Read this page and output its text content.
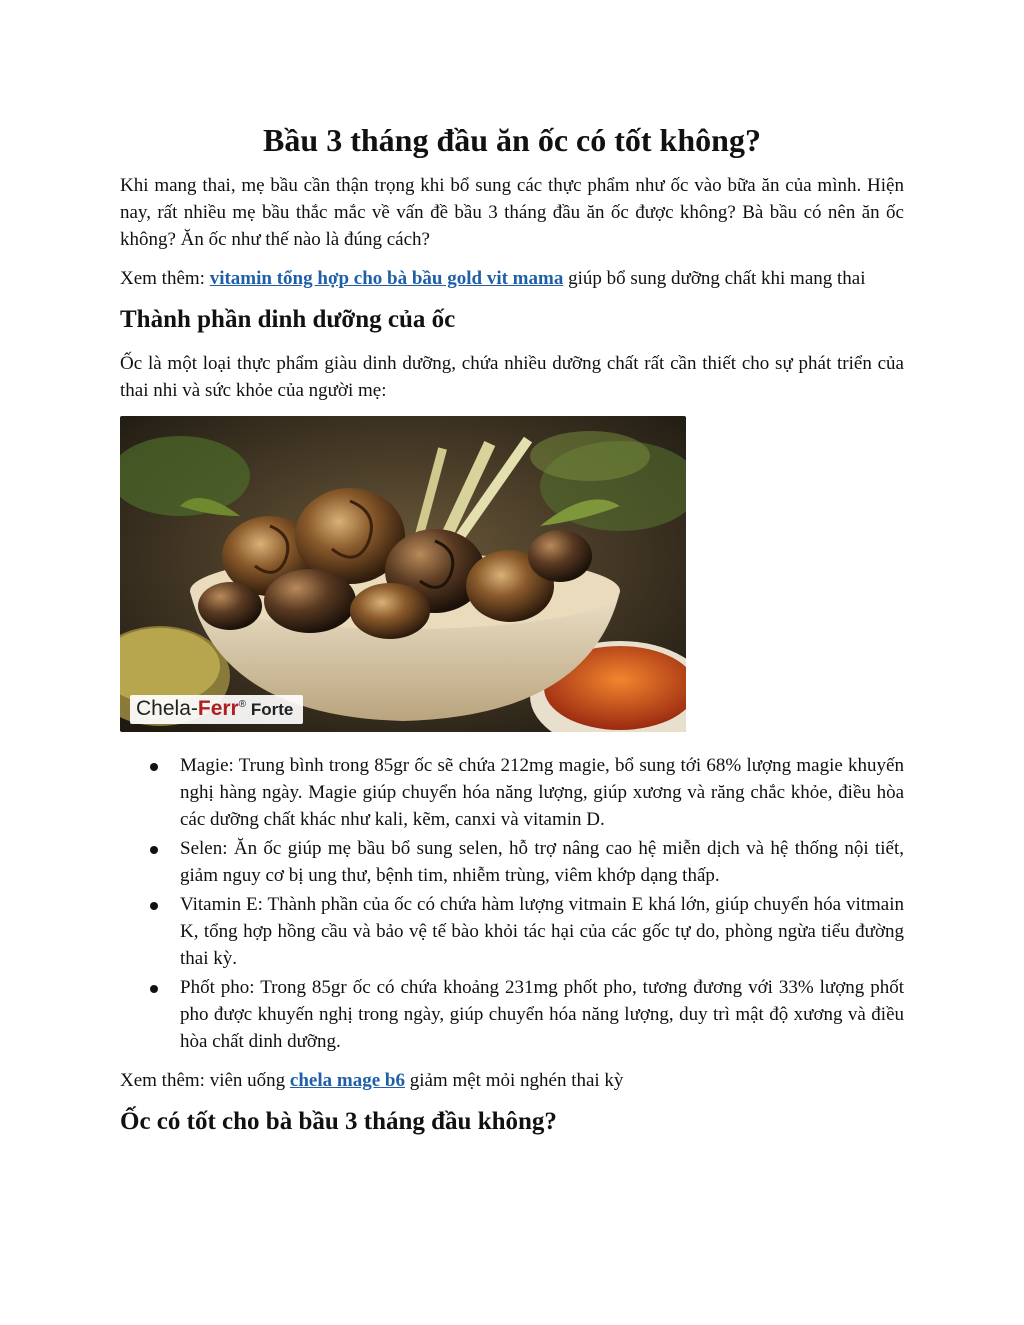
Bầu 3 tháng đầu ăn ốc có tốt không?

Khi mang thai, mẹ bầu cần thận trọng khi bổ sung các thực phẩm như ốc vào bữa ăn của mình. Hiện nay, rất nhiều mẹ bầu thắc mắc về vấn đề bầu 3 tháng đầu ăn ốc được không? Bà bầu có nên ăn ốc không? Ăn ốc như thế nào là đúng cách?

Xem thêm: vitamin tổng hợp cho bà bầu gold vit mama giúp bổ sung dưỡng chất khi mang thai

Thành phần dinh dưỡng của ốc

Ốc là một loại thực phẩm giàu dinh dưỡng, chứa nhiều dưỡng chất rất cần thiết cho sự phát triển của thai nhi và sức khỏe của người mẹ:

Chela-Ferr® Forte
Magie: Trung bình trong 85gr ốc sẽ chứa 212mg magie, bổ sung tới 68% lượng magie khuyến nghị hàng ngày. Magie giúp chuyển hóa năng lượng, giúp xương và răng chắc khỏe, điều hòa các dưỡng chất khác như kali, kẽm, canxi và vitamin D.
Selen: Ăn ốc giúp mẹ bầu bổ sung selen, hỗ trợ nâng cao hệ miễn dịch và hệ thống nội tiết, giảm nguy cơ bị ung thư, bệnh tim, nhiễm trùng, viêm khớp dạng thấp.
Vitamin E: Thành phần của ốc có chứa hàm lượng vitmain E khá lớn, giúp chuyển hóa vitmain K, tổng hợp hồng cầu và bảo vệ tế bào khỏi tác hại của các gốc tự do, phòng ngừa tiểu đường thai kỳ.
Phốt pho: Trong 85gr ốc có chứa khoảng 231mg phốt pho, tương đương với 33% lượng phốt pho được khuyến nghị trong ngày, giúp chuyển hóa năng lượng, duy trì mật độ xương và điều hòa chất dinh dưỡng.

Xem thêm: viên uống chela mage b6 giảm mệt mỏi nghén thai kỳ

Ốc có tốt cho bà bầu 3 tháng đầu không?
